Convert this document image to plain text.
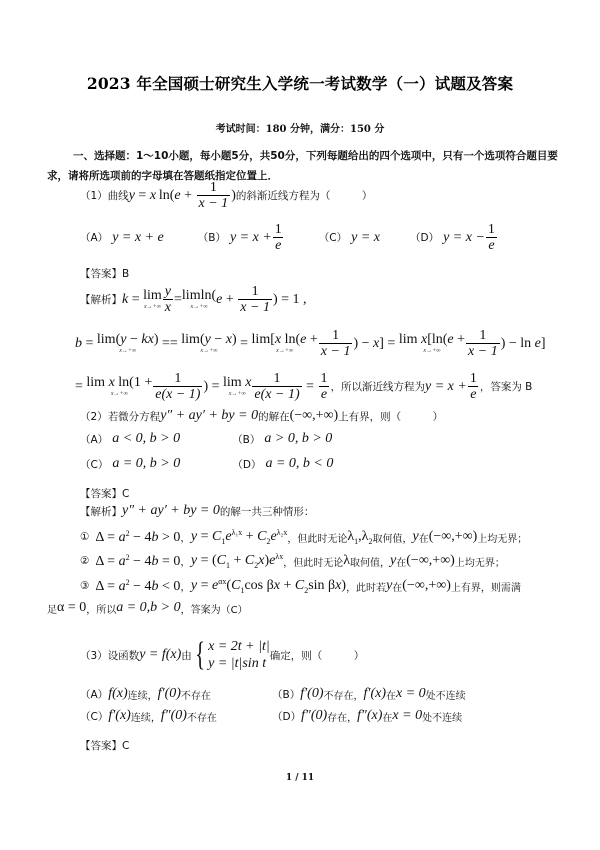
2023 年全国硕士研究生入学统一考试数学（一）试题及答案
考试时间：180 分钟，满分：150 分
一、选择题：1～10小题，每小题5分，共50分，下列每题给出的四个选项中，只有一个选项符合题目要
求，请将所选项前的字母填在答题纸指定位置上．
（1） 曲线 y = x  ln( $e + \frac{1}{x - 1}$ ) 的斜渐近线方程为（　　　）
（A） y = x + e	（B） $y = x + \frac{1}{e}$	（C） y = x	（D） $y = x - \frac{1}{e}$
【答案】B
【解析】 k = lim
$x\to+\infty \frac{y}{x} = limln$(
x→+∞
$e + \frac{1}{x - 1}$ ) = 1 ,
b = lim(y − kx)
x→+∞
== lim(y − x)
x→+∞
= lim[x ln(e +
$x\to+\infty \frac{1}{x - 1}$ ) − x] = lim x[ln(e +
$x\to+\infty \frac{1}{x - 1}$ ) − ln e]
= lim x ln(1 +
$x\to+\infty \frac{1}{e(x - 1)}$ ) = lim x
$x\to+\infty \frac{1}{e(x - 1)} = \frac{1}{e}$ ，所以渐近线方程为 $y = x + \frac{1}{e}$ ，答案为 B
（2） 若微分方程 y″ + ay′ + by = 0 的解在 (−∞,+∞) 上有界，则（　　　）
（A） a < 0, b > 0	（B） a > 0, b > 0
（C） a = 0, b > 0	（D） a = 0, b < 0
【答案】C
【解析】 y″ + ay′ + by = 0 的解一共三种情形：
① $\Delta = a^2 - 4b > 0$ ， $y = C_1e^{\lambda_1x} + C_2e^{\lambda_2x}$
，但此时无论 $\lambda_1,\lambda_2$ 取何值， y 在 (−∞,+∞) 上均无界；
② $\Delta = a^2 - 4b = 0$ ， $y = (C_1 + C_2x)e^{\lambda x}$
，但此时无论 λ 取何值， y 在 (−∞,+∞) 上均无界；
③ $\Delta = a^2 - 4b < 0$ ， $y = e^{\alpha x}(C_1\cos$ $\beta x + C_2\sin$ βx) ，此时若 y 在 (−∞,+∞) 上有界，则需满
足 α = 0 ，所以 a = 0,b > 0 ，答案为（C）
（3） 设函数 y = f(x) 由 { x = 2t + |t|
y = |t|sin t
确定，则（　　　）
（A） f(x) 连续， f′(0) 不存在	（B） f′(0) 不存在， f′(x) 在 x = 0 处不连续
（C） f′(x) 连续， f″(0) 不存在	（D） f″(0) 存在， f″(x) 在 x = 0 处不连续
【答案】C
1 / 11
